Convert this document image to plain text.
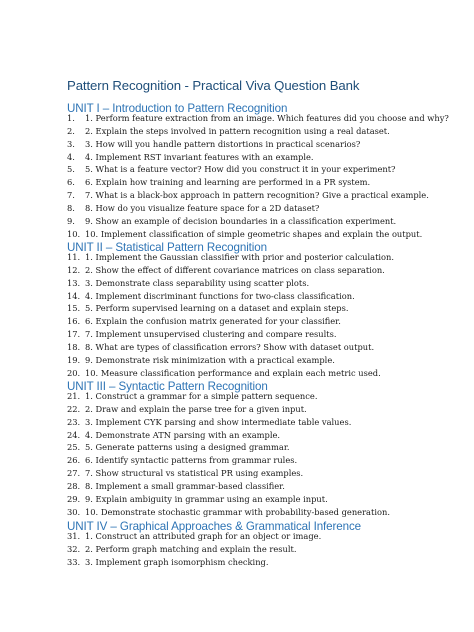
Pattern Recognition - Practical Viva Question Bank
UNIT I – Introduction to Pattern Recognition
1. 1. Perform feature extraction from an image. Which features did you choose and why?
2. 2. Explain the steps involved in pattern recognition using a real dataset.
3. 3. How will you handle pattern distortions in practical scenarios?
4. 4. Implement RST invariant features with an example.
5. 5. What is a feature vector? How did you construct it in your experiment?
6. 6. Explain how training and learning are performed in a PR system.
7. 7. What is a black-box approach in pattern recognition? Give a practical example.
8. 8. How do you visualize feature space for a 2D dataset?
9. 9. Show an example of decision boundaries in a classification experiment.
10. 10. Implement classification of simple geometric shapes and explain the output.
UNIT II – Statistical Pattern Recognition
11. 1. Implement the Gaussian classifier with prior and posterior calculation.
12. 2. Show the effect of different covariance matrices on class separation.
13. 3. Demonstrate class separability using scatter plots.
14. 4. Implement discriminant functions for two-class classification.
15. 5. Perform supervised learning on a dataset and explain steps.
16. 6. Explain the confusion matrix generated for your classifier.
17. 7. Implement unsupervised clustering and compare results.
18. 8. What are types of classification errors? Show with dataset output.
19. 9. Demonstrate risk minimization with a practical example.
20. 10. Measure classification performance and explain each metric used.
UNIT III – Syntactic Pattern Recognition
21. 1. Construct a grammar for a simple pattern sequence.
22. 2. Draw and explain the parse tree for a given input.
23. 3. Implement CYK parsing and show intermediate table values.
24. 4. Demonstrate ATN parsing with an example.
25. 5. Generate patterns using a designed grammar.
26. 6. Identify syntactic patterns from grammar rules.
27. 7. Show structural vs statistical PR using examples.
28. 8. Implement a small grammar-based classifier.
29. 9. Explain ambiguity in grammar using an example input.
30. 10. Demonstrate stochastic grammar with probability-based generation.
UNIT IV – Graphical Approaches & Grammatical Inference
31. 1. Construct an attributed graph for an object or image.
32. 2. Perform graph matching and explain the result.
33. 3. Implement graph isomorphism checking.
